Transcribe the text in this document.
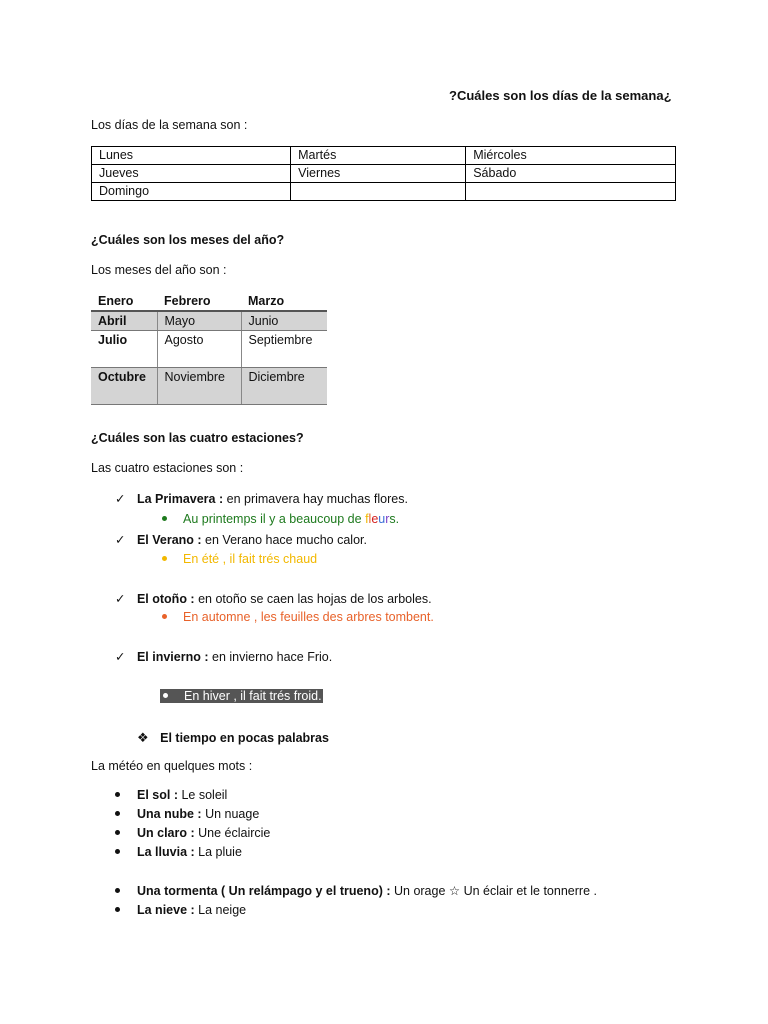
?Cuáles son los días de la semana¿
Los días de la semana son :
Lunes	Martés	Miércoles
Jueves	Viernes	Sábado
Domingo		
¿Cuáles son los meses del año?
Los meses del año son :
Enero	Febrero	Marzo
Abril	Mayo	Junio
Julio	Agosto	Septiembre
Octubre	Noviembre	Diciembre
¿Cuáles son las cuatro estaciones?
Las cuatro estaciones son :
✓ La Primavera : en primavera hay muchas flores.
Au printemps il y a beaucoup de fleurs.
✓ El Verano : en Verano hace mucho calor.
En été , il fait trés chaud
✓ El otoño : en otoño se caen las hojas de los arboles.
En automne , les feuilles des arbres tombent.
✓ El invierno : en invierno hace Frio.
En hiver , il fait trés froid.
❖ El tiempo en pocas palabras
La météo en quelques mots :
El sol : Le soleil
Una nube : Un nuage
Un claro : Une éclaircie
La lluvia : La pluie
Una tormenta ( Un relámpago y el trueno) : Un orage ☆ Un éclair et le tonnerre .
La nieve : La neige
